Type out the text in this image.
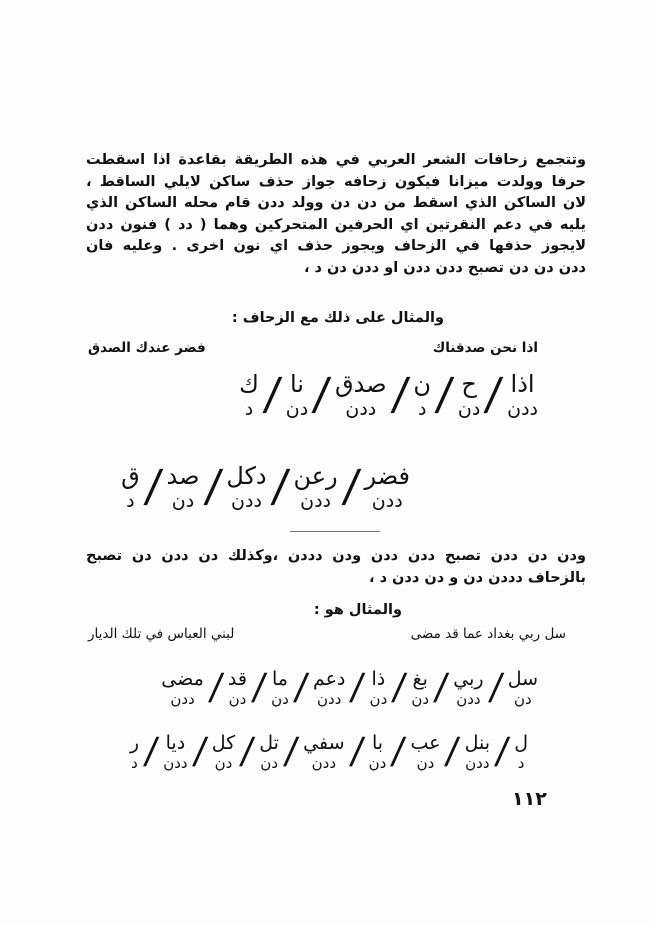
وتتجمع زحافات الشعر العربي في هذه الطريقة بقاعدة اذا اسقطت

حرفا وولدت ميزانا فيكون زحافه جواز حذف ساكن لايلي الساقط ،

لان الساكن الذي اسقط من دن دن وولد ددن قام محله الساكن الذي

يليه في دعم النقرتين اي الحرفين المتحركين وهما ( دد ) فنون ددن

لايجوز حذفها في الزحاف ويجوز حذف اي نون اخرى . وعليه فان

ددن دن دن تصبح ددن ددن او ددن دن د ،

والمثال على ذلك مع الزحاف :
اذا نحن صدقناك
فضر عندك الصدق
اذا
ددن
/
ح
دن
/
ن
د
/
صدق
ددن
/
نا
دن
/
ك
د
فضر
ددن
/
رعن
ددن
/
دكل
ددن
/
صد
دن
/
ق
د

ودن دن ددن تصبح ددن ددن ودن دددن ،وكذلك دن ددن دن تصبح

بالزحاف دددن دن و دن ددن د ،

والمثال هو :
سل ربي بغداد عما قد مضى
لبني العباس في تلك الديار
سل
دن
/
ربي
ددن
/
بغ
دن
/
ذا
دن
/
دعم
ددن
/
ما
دن
/
قد
دن
/
مضى
ددن
ل
د
/
بنل
ددن
/
عب
دن
/
با
دن
/
سفي
ددن
/
تل
دن
/
كل
دن
/
ديا
ددن
/
ر
د
١١٢
